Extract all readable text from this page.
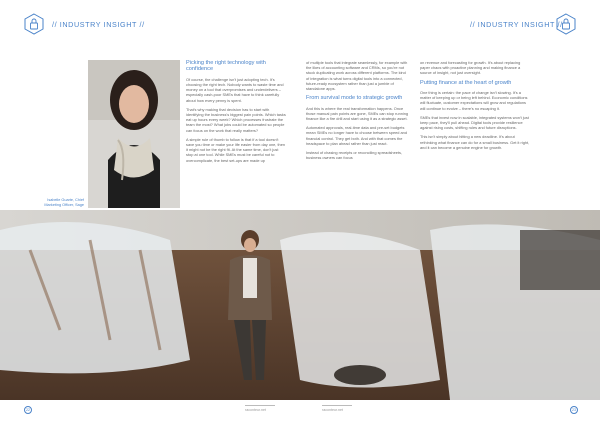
// INDUSTRY INSIGHT //
Isabelle Guarte, Chief Marketing Officer, Sage
Picking the right technology with confidence

Of course, the challenge isn't just adopting tech. It's choosing the right tech. Nobody wants to waste time and money on a tool that overpromises and underdelivers – especially cash-poor SMEs that have to think carefully about how every penny is spent.

That's why making that decision has to start with identifying the business's biggest pain points. Which tasks eat up hours every week? Which processes frustrate the team the most? What jobs could be automated so people can focus on the work that really matters?

A simple rule of thumb to follow is that if a tool doesn't save you time or make your life easier from day one, then it might not be the right fit. At the same time, don't just stop at one tool. While SMEs must be careful not to overcomplicate, the best set-ups are made up

22	raconteur.net
// INDUSTRY INSIGHT //

of multiple tools that integrate seamlessly, for example with the likes of accounting software and CRMs, so you're not stuck duplicating work across different platforms. The kind of integration is what turns digital tools into a connected, future-ready ecosystem rather than just a jumble of standalone apps.

From survival mode to strategic growth

And this is where the real transformation happens. Once those manual pain points are gone, SMEs can stop running finance like a fire drill and start using it as a strategic asset.

Automated approvals, real-time data and pre-set budgets mean SMEs no longer have to choose between speed and financial control. They get both. And with that comes the headspace to plan ahead rather than just react.

Instead of chasing receipts or reconciling spreadsheets, business owners can focus

on revenue and forecasting for growth. It's about replacing paper chaos with proactive planning and making finance a source of insight, not just oversight.

Putting finance at the heart of growth

One thing is certain: the pace of change isn't slowing. It's a matter of keeping up or being left behind. Economic conditions will fluctuate, customer expectations will grow and regulations will continue to evolve – there's no escaping it.

SMEs that invest now in scalable, integrated systems won't just keep pace, they'll pull ahead. Digital tools provide resilience against rising costs, shifting rules and future disruptions.

This isn't simply about hitting a new deadline. It's about rethinking what finance can do for a small business. Get it right, and it can become a genuine engine for growth.

raconteur.net	23
